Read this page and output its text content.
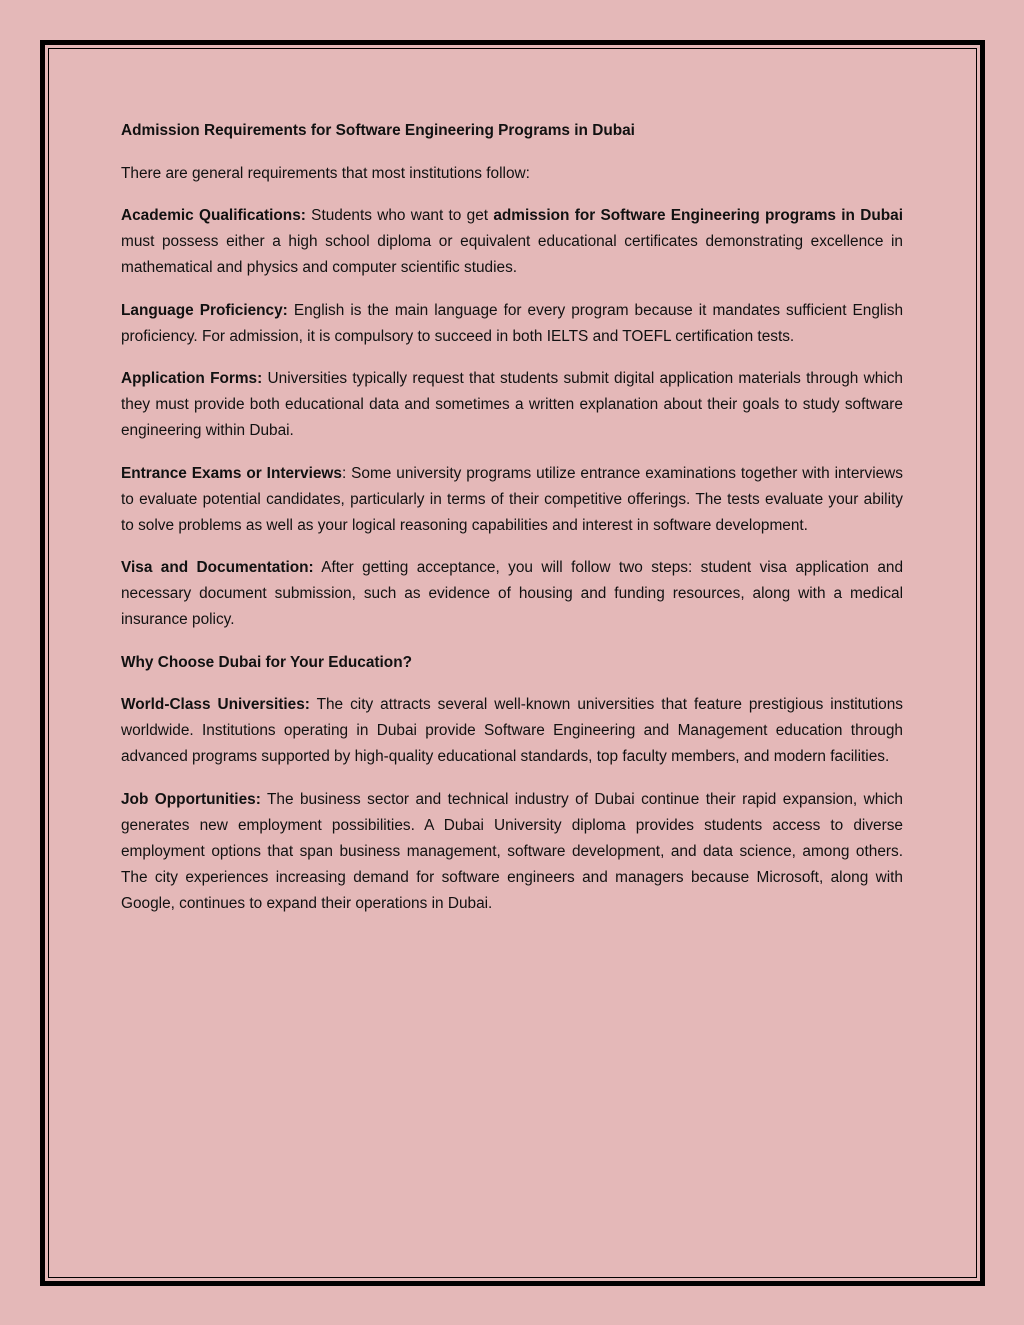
Admission Requirements for Software Engineering Programs in Dubai

There are general requirements that most institutions follow:

Academic Qualifications: Students who want to get admission for Software Engineering programs in Dubai must possess either a high school diploma or equivalent educational certificates demonstrating excellence in mathematical and physics and computer scientific studies.

Language Proficiency: English is the main language for every program because it mandates sufficient English proficiency. For admission, it is compulsory to succeed in both IELTS and TOEFL certification tests.

Application Forms: Universities typically request that students submit digital application materials through which they must provide both educational data and sometimes a written explanation about their goals to study software engineering within Dubai.

Entrance Exams or Interviews: Some university programs utilize entrance examinations together with interviews to evaluate potential candidates, particularly in terms of their competitive offerings. The tests evaluate your ability to solve problems as well as your logical reasoning capabilities and interest in software development.

Visa and Documentation: After getting acceptance, you will follow two steps: student visa application and necessary document submission, such as evidence of housing and funding resources, along with a medical insurance policy.

Why Choose Dubai for Your Education?

World-Class Universities: The city attracts several well-known universities that feature prestigious institutions worldwide. Institutions operating in Dubai provide Software Engineering and Management education through advanced programs supported by high-quality educational standards, top faculty members, and modern facilities.

Job Opportunities: The business sector and technical industry of Dubai continue their rapid expansion, which generates new employment possibilities. A Dubai University diploma provides students access to diverse employment options that span business management, software development, and data science, among others. The city experiences increasing demand for software engineers and managers because Microsoft, along with Google, continues to expand their operations in Dubai.
